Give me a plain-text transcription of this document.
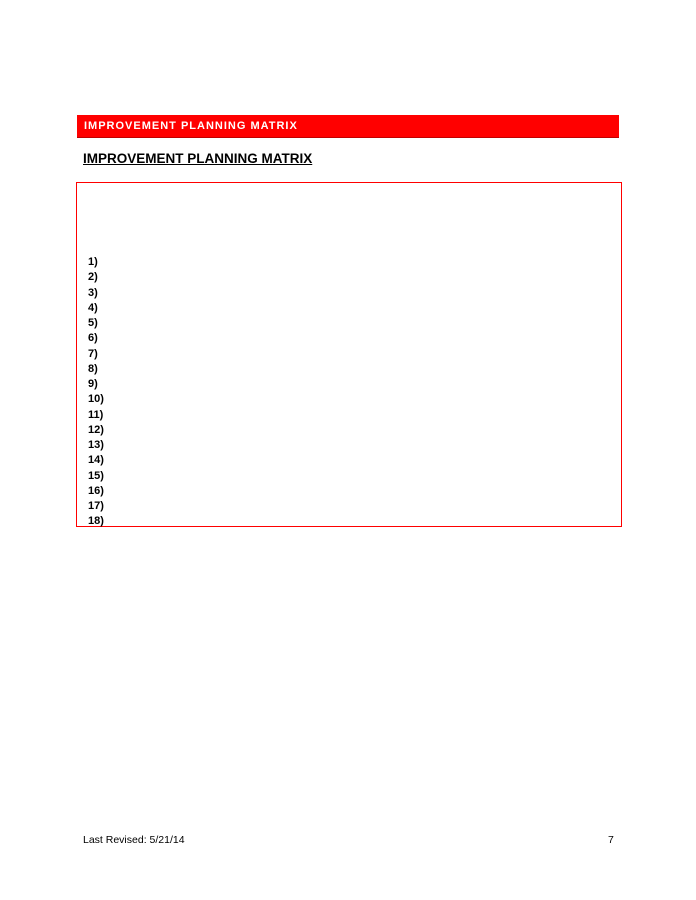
IMPROVEMENT PLANNING MATRIX
IMPROVEMENT PLANNING MATRIX
1)
2)
3)
4)
5)
6)
7)
8)
9)
10)
11)
12)
13)
14)
15)
16)
17)
18)
Last Revised: 5/21/14	7
